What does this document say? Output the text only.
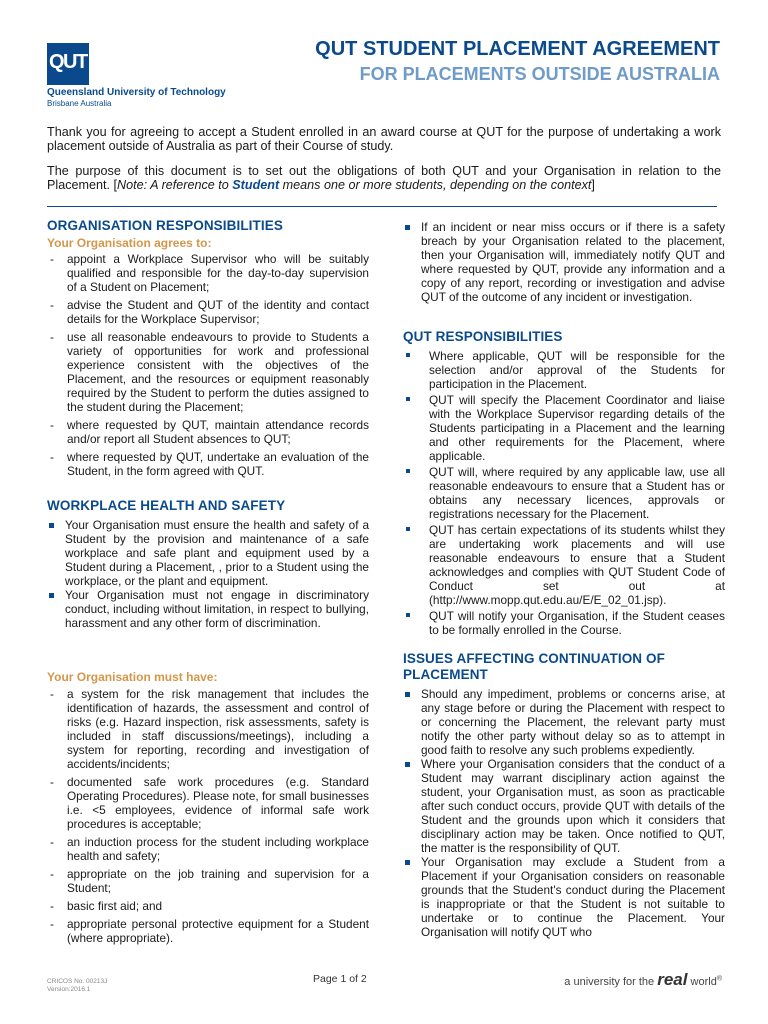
QUT
Queensland University of Technology
Brisbane Australia
QUT STUDENT PLACEMENT AGREEMENT
FOR PLACEMENTS OUTSIDE AUSTRALIA
Thank you for agreeing to accept a Student enrolled in an award course at QUT for the purpose of undertaking a work placement outside of Australia as part of their Course of study.
The purpose of this document is to set out the obligations of both QUT and your Organisation in relation to the Placement. [Note: A reference to Student means one or more students, depending on the context]
ORGANISATION RESPONSIBILITIES
Your Organisation agrees to:
- appoint a Workplace Supervisor who will be suitably qualified and responsible for the day-to-day supervision of a Student on Placement;
- advise the Student and QUT of the identity and contact details for the Workplace Supervisor;
- use all reasonable endeavours to provide to Students a variety of opportunities for work and professional experience consistent with the objectives of the Placement, and the resources or equipment reasonably required by the Student to perform the duties assigned to the student during the Placement;
- where requested by QUT, maintain attendance records and/or report all Student absences to QUT;
- where requested by QUT, undertake an evaluation of the Student, in the form agreed with QUT.
WORKPLACE HEALTH AND SAFETY
Your Organisation must ensure the health and safety of a Student by the provision and maintenance of a safe workplace and safe plant and equipment used by a Student during a Placement, , prior to a Student using the workplace, or the plant and equipment.
Your Organisation must not engage in discriminatory conduct, including without limitation, in respect to bullying, harassment and any other form of discrimination.
Your Organisation must have:
- a system for the risk management that includes the identification of hazards, the assessment and control of risks (e.g. Hazard inspection, risk assessments, safety is included in staff discussions/meetings), including a system for reporting, recording and investigation of accidents/incidents;
- documented safe work procedures (e.g. Standard Operating Procedures). Please note, for small businesses i.e. <5 employees, evidence of informal safe work procedures is acceptable;
- an induction process for the student including workplace health and safety;
- appropriate on the job training and supervision for a Student;
- basic first aid; and
- appropriate personal protective equipment for a Student (where appropriate).
If an incident or near miss occurs or if there is a safety breach by your Organisation related to the placement, then your Organisation will, immediately notify QUT and where requested by QUT, provide any information and a copy of any report, recording or investigation and advise QUT of the outcome of any incident or investigation.
QUT RESPONSIBILITIES
Where applicable, QUT will be responsible for the selection and/or approval of the Students for participation in the Placement.
QUT will specify the Placement Coordinator and liaise with the Workplace Supervisor regarding details of the Students participating in a Placement and the learning and other requirements for the Placement, where applicable.
QUT will, where required by any applicable law, use all reasonable endeavours to ensure that a Student has or obtains any necessary licences, approvals or registrations necessary for the Placement.
QUT has certain expectations of its students whilst they are undertaking work placements and will use reasonable endeavours to ensure that a Student acknowledges and complies with QUT Student Code of Conduct set out at (http://www.mopp.qut.edu.au/E/E_02_01.jsp).
QUT will notify your Organisation, if the Student ceases to be formally enrolled in the Course.
ISSUES AFFECTING CONTINUATION OF PLACEMENT
Should any impediment, problems or concerns arise, at any stage before or during the Placement with respect to or concerning the Placement, the relevant party must notify the other party without delay so as to attempt in good faith to resolve any such problems expediently.
Where your Organisation considers that the conduct of a Student may warrant disciplinary action against the student, your Organisation must, as soon as practicable after such conduct occurs, provide QUT with details of the Student and the grounds upon which it considers that disciplinary action may be taken. Once notified to QUT, the matter is the responsibility of QUT.
Your Organisation may exclude a Student from a Placement if your Organisation considers on reasonable grounds that the Student's conduct during the Placement is inappropriate or that the Student is not suitable to undertake or to continue the Placement. Your Organisation will notify QUT who
CRICOS No. 00213J
Version:2016.1
Page 1 of 2	a university for the real world®
